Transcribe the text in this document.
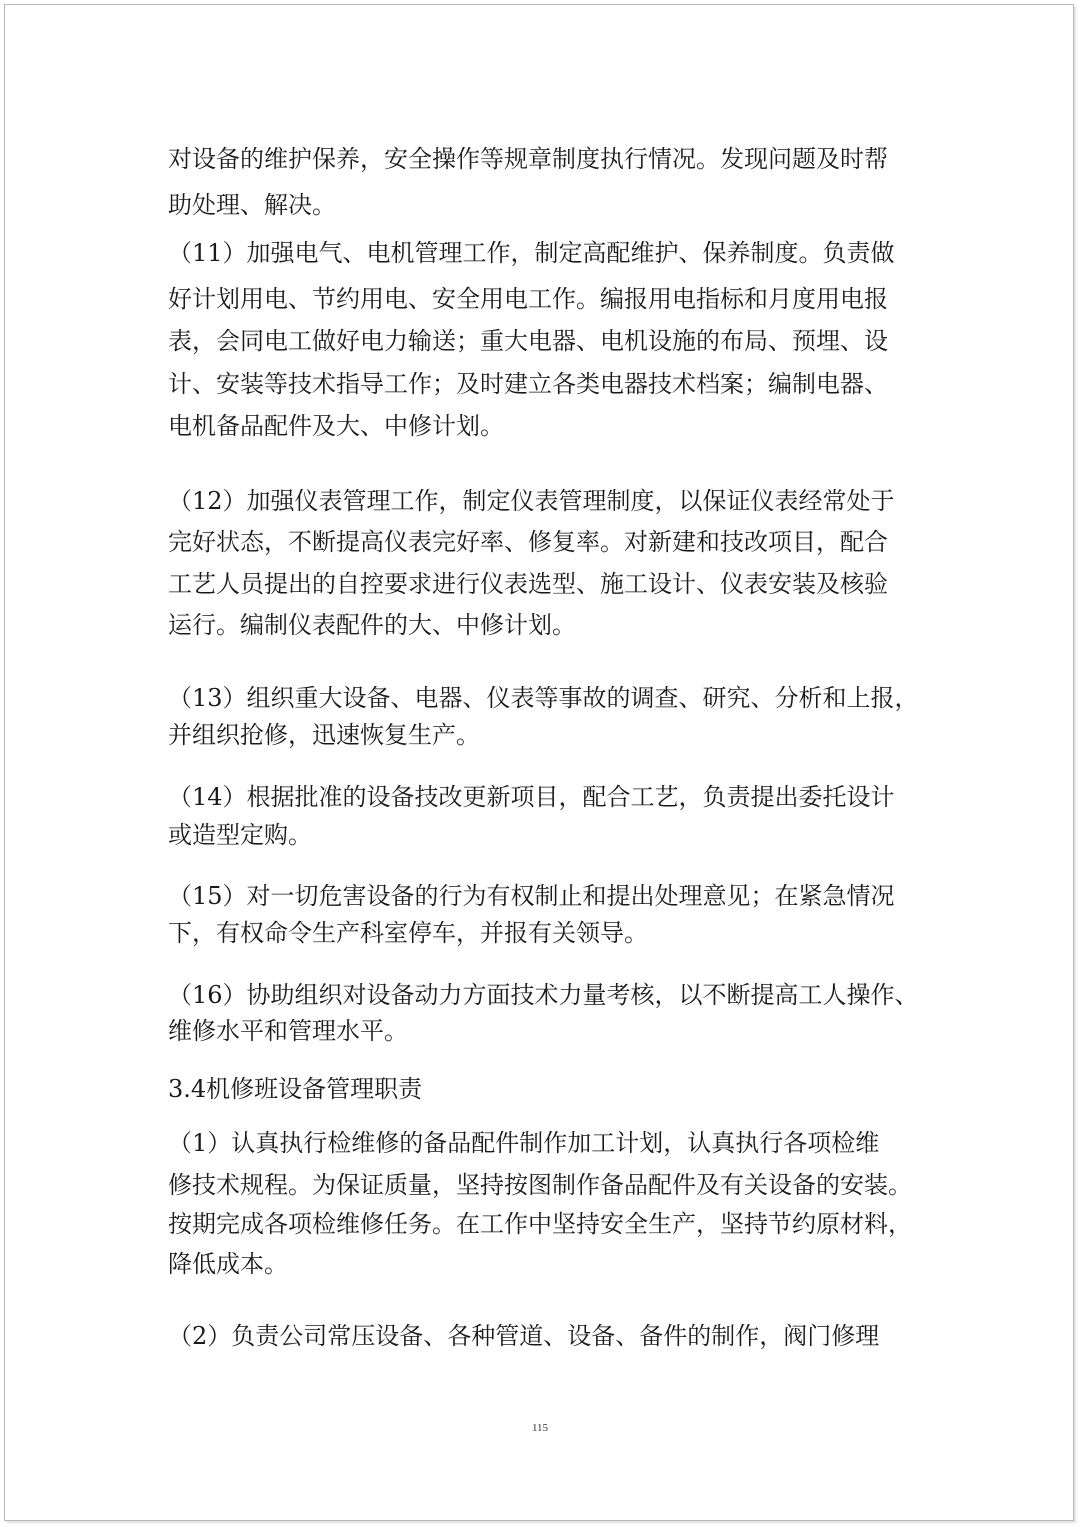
对设备的维护保养，安全操作等规章制度执行情况。发现问题及时帮
助处理、解决。
（11）加强电气、电机管理工作，制定高配维护、保养制度。负责做
好计划用电、节约用电、安全用电工作。编报用电指标和月度用电报
表，会同电工做好电力输送；重大电器、电机设施的布局、预埋、设
计、安装等技术指导工作；及时建立各类电器技术档案；编制电器、
电机备品配件及大、中修计划。
（12）加强仪表管理工作，制定仪表管理制度，以保证仪表经常处于
完好状态，不断提高仪表完好率、修复率。对新建和技改项目，配合
工艺人员提出的自控要求进行仪表选型、施工设计、仪表安装及核验
运行。编制仪表配件的大、中修计划。
（13）组织重大设备、电器、仪表等事故的调查、研究、分析和上报，
并组织抢修，迅速恢复生产。
（14）根据批准的设备技改更新项目，配合工艺，负责提出委托设计
或造型定购。
（15）对一切危害设备的行为有权制止和提出处理意见；在紧急情况
下，有权命令生产科室停车，并报有关领导。
（16）协助组织对设备动力方面技术力量考核，以不断提高工人操作、
维修水平和管理水平。
3.4机修班设备管理职责
（1）认真执行检维修的备品配件制作加工计划，认真执行各项检维
修技术规程。为保证质量，坚持按图制作备品配件及有关设备的安装。
按期完成各项检维修任务。在工作中坚持安全生产，坚持节约原材料，
降低成本。
（2）负责公司常压设备、各种管道、设备、备件的制作，阀门修理
115
